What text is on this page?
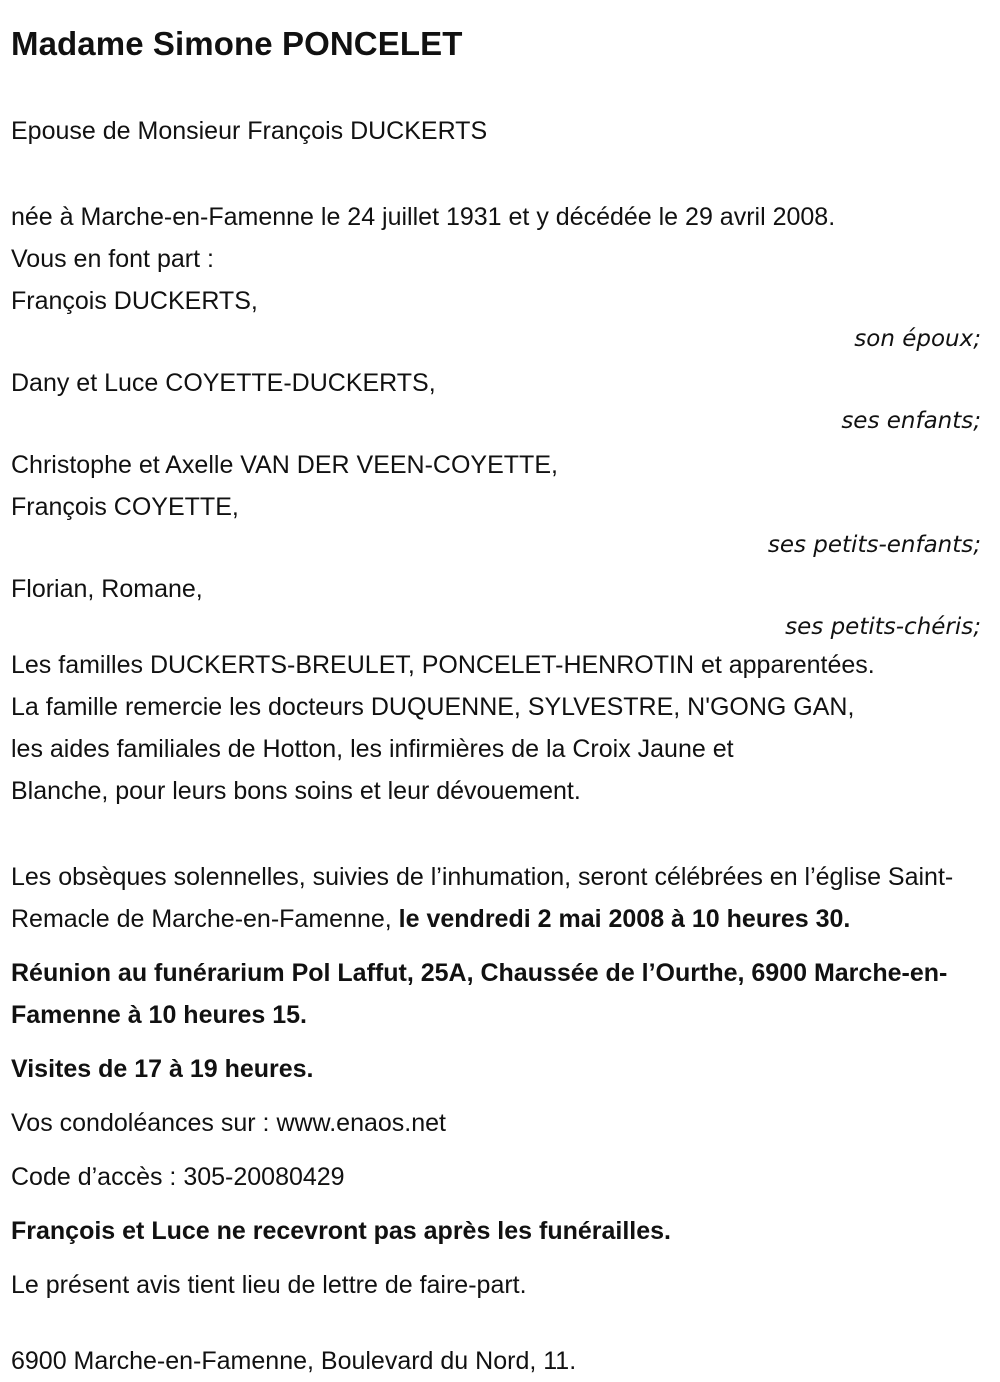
Madame Simone PONCELET
Epouse de Monsieur François DUCKERTS
née à Marche-en-Famenne le 24 juillet 1931 et y décédée le 29 avril 2008.
Vous en font part :
François DUCKERTS,
son époux;
Dany et Luce COYETTE-DUCKERTS,
ses enfants;
Christophe et Axelle VAN DER VEEN-COYETTE,
François COYETTE,
ses petits-enfants;
Florian, Romane,
ses petits-chéris;
Les familles DUCKERTS-BREULET, PONCELET-HENROTIN et apparentées.
La famille remercie les docteurs DUQUENNE, SYLVESTRE, N'GONG GAN,
les aides familiales de Hotton, les infirmières de la Croix Jaune et
Blanche, pour leurs bons soins et leur dévouement.

Les obsèques solennelles, suivies de l’inhumation, seront célébrées en l’église Saint-Remacle de Marche-en-Famenne, le vendredi 2 mai 2008 à 10 heures 30.

Réunion au funérarium Pol Laffut, 25A, Chaussée de l’Ourthe, 6900 Marche-en-Famenne à 10 heures 15.

Visites de 17 à 19 heures.
Vos condoléances sur : www.enaos.net
Code d’accès : 305-20080429
François et Luce ne recevront pas après les funérailles.
Le présent avis tient lieu de lettre de faire-part.
6900 Marche-en-Famenne, Boulevard du Nord, 11.
